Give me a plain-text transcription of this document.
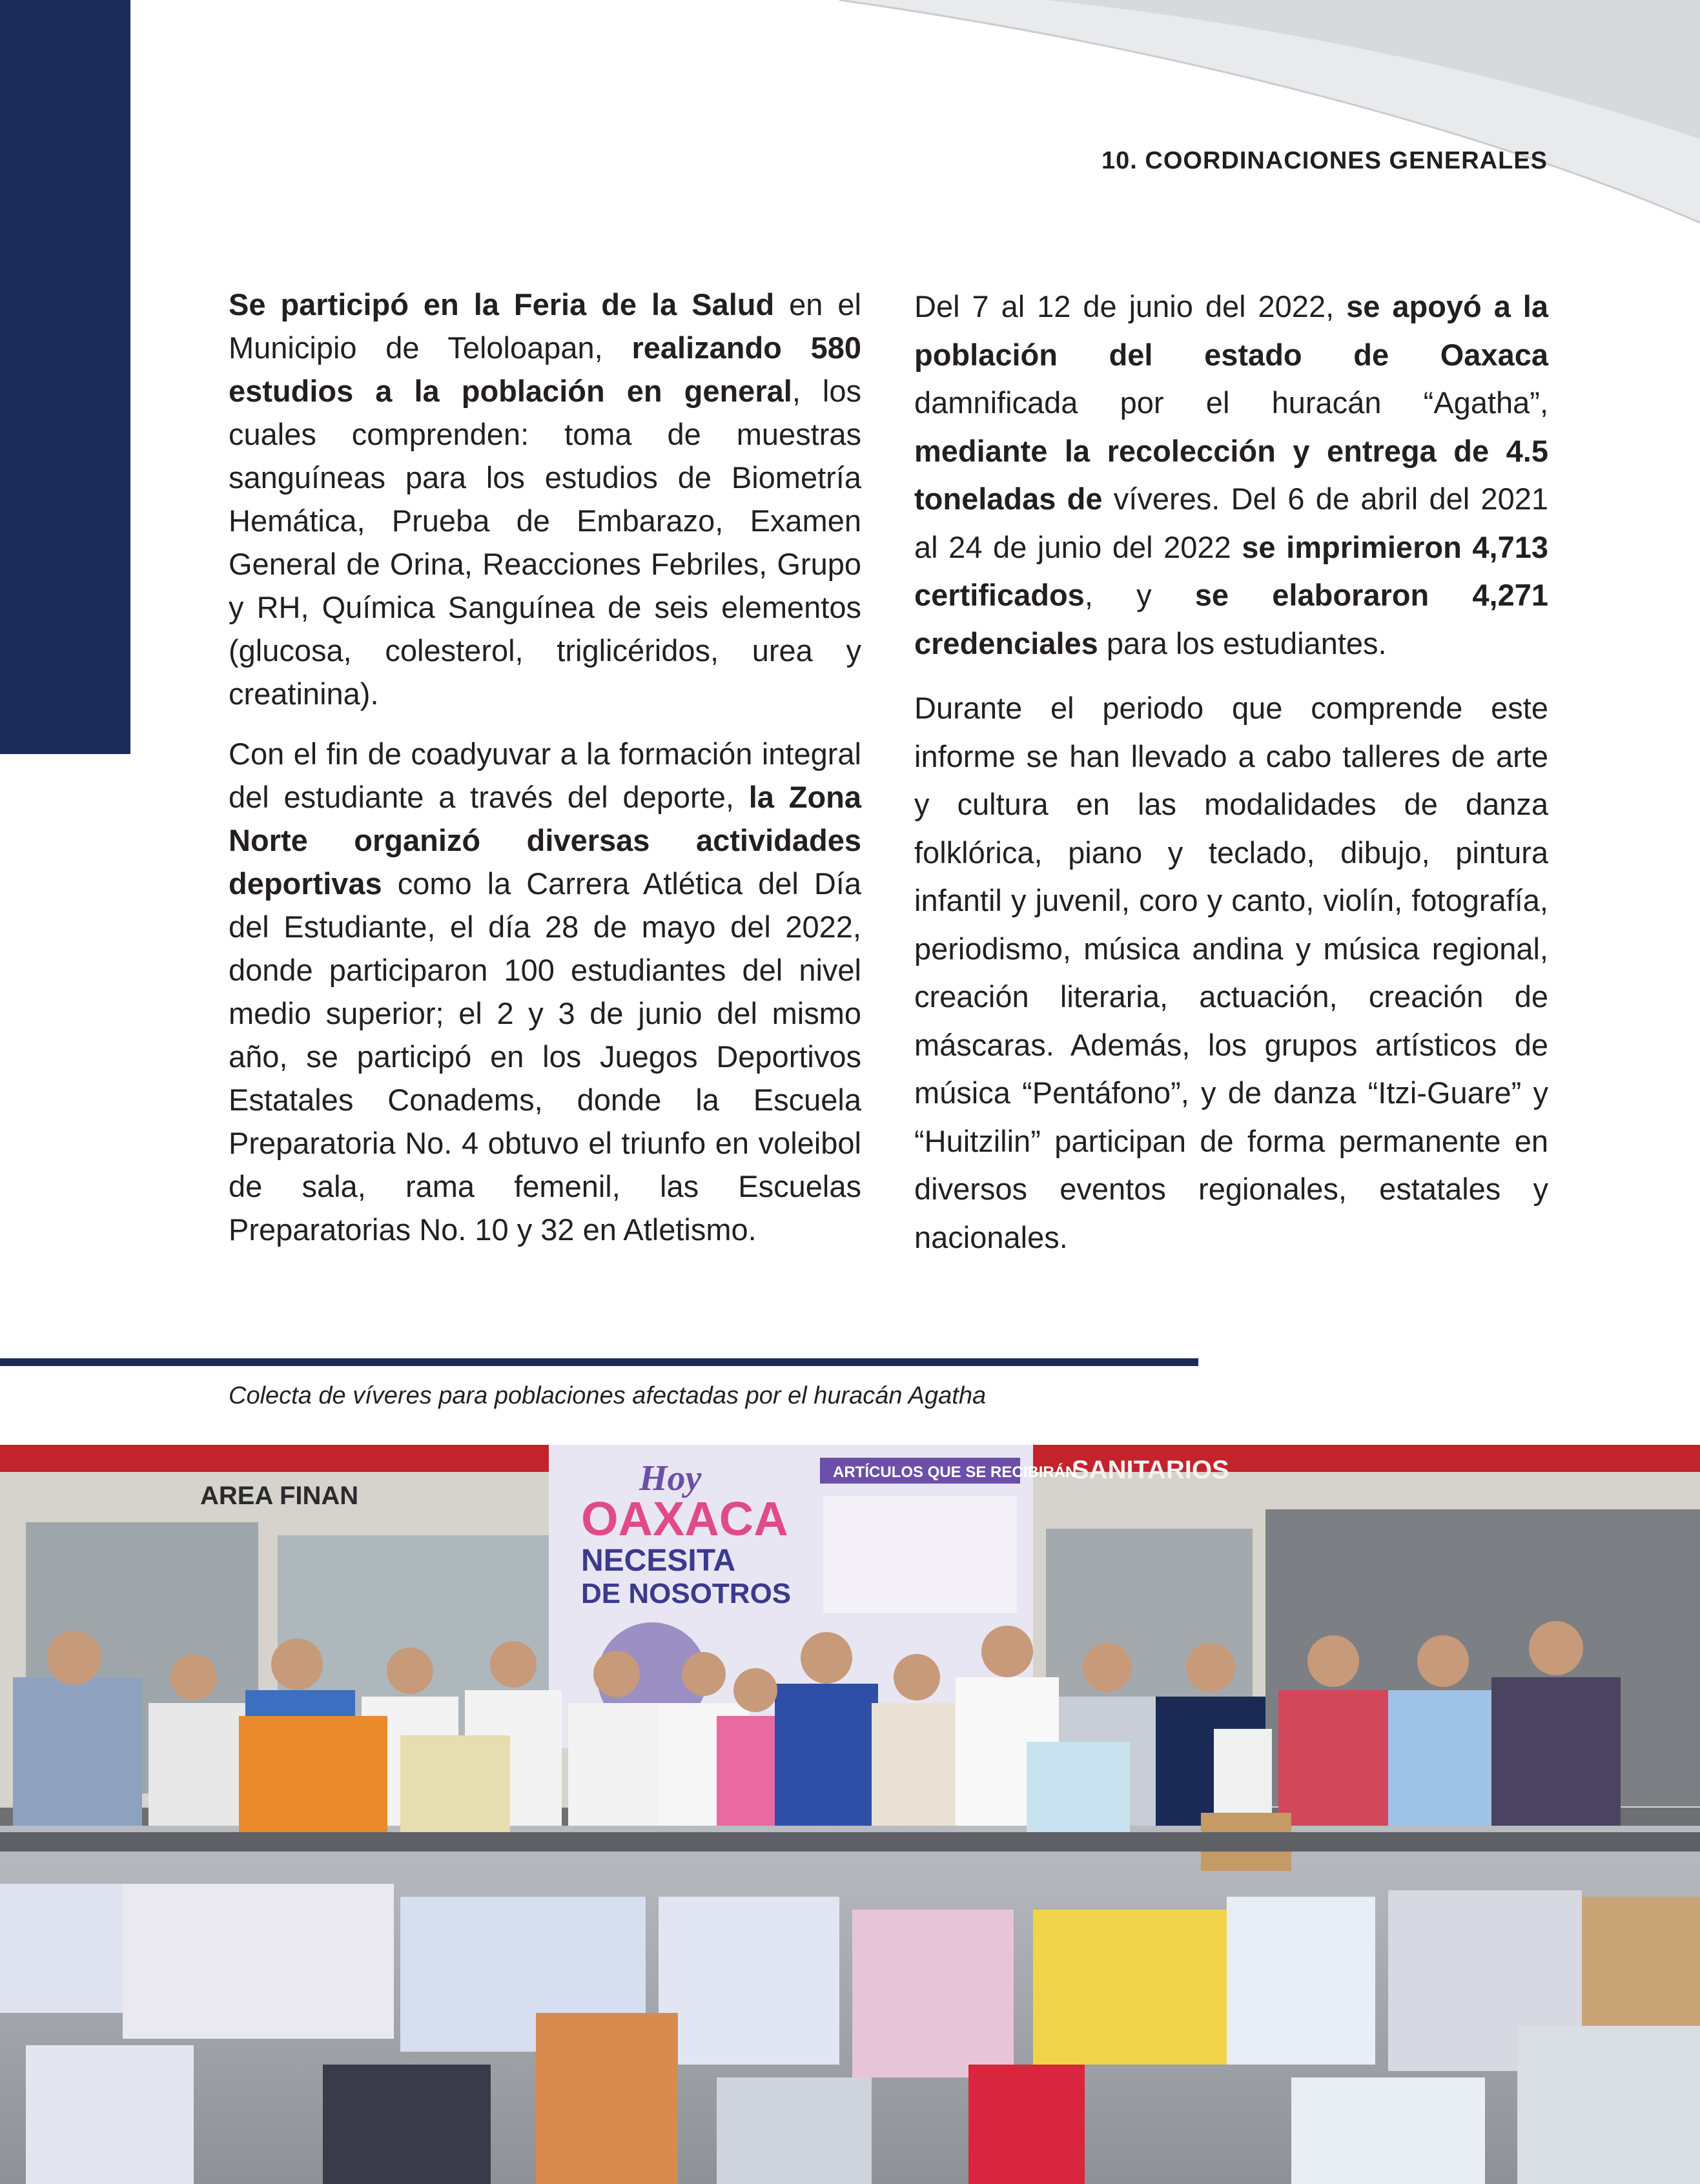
10. COORDINACIONES GENERALES

Se participó en la Feria de la Salud en el Municipio de Teloloapan, realizando 580 estudios a la población en general, los cuales comprenden: toma de muestras sanguíneas para los estudios de Biometría Hemática, Prueba de Embarazo, Examen General de Orina, Reacciones Febriles, Grupo y RH, Química Sanguínea de seis elementos (glucosa, colesterol, triglicéridos, urea y creatinina).

Con el fin de coadyuvar a la formación integral del estudiante a través del deporte, la Zona Norte organizó diversas actividades deportivas como la Carrera Atlética del Día del Estudiante, el día 28 de mayo del 2022, donde participaron 100 estudiantes del nivel medio superior; el 2 y 3 de junio del mismo año, se participó en los Juegos Deportivos Estatales Conadems, donde la Escuela Preparatoria No. 4 obtuvo el triunfo en voleibol de sala, rama femenil, las Escuelas Preparatorias No. 10 y 32 en Atletismo.

Del 7 al 12 de junio del 2022, se apoyó a la población del estado de Oaxaca damnificada por el huracán “Agatha”, mediante la recolección y entrega de 4.5 toneladas de víveres. Del 6 de abril del 2021 al 24 de junio del 2022 se imprimieron 4,713 certificados, y se elaboraron 4,271 credenciales para los estudiantes.

Durante el periodo que comprende este informe se han llevado a cabo talleres de arte y cultura en las modalidades de danza folklórica, piano y teclado, dibujo, pintura infantil y juvenil, coro y canto, violín, fotografía, periodismo, música andina y música regional, creación literaria, actuación, creación de máscaras. Además, los grupos artísticos de música “Pentáfono”, y de danza “Itzi-Guare” y “Huitzilin” participan de forma permanente en diversos eventos regionales, estatales y nacionales.

Colecta de víveres para poblaciones afectadas por el huracán Agatha
AREA FINAN
SANITARIOS
ARTÍCULOS QUE SE RECIBIRÁN
Hoy
OAXACA
NECESITA
DE NOSOTROS
